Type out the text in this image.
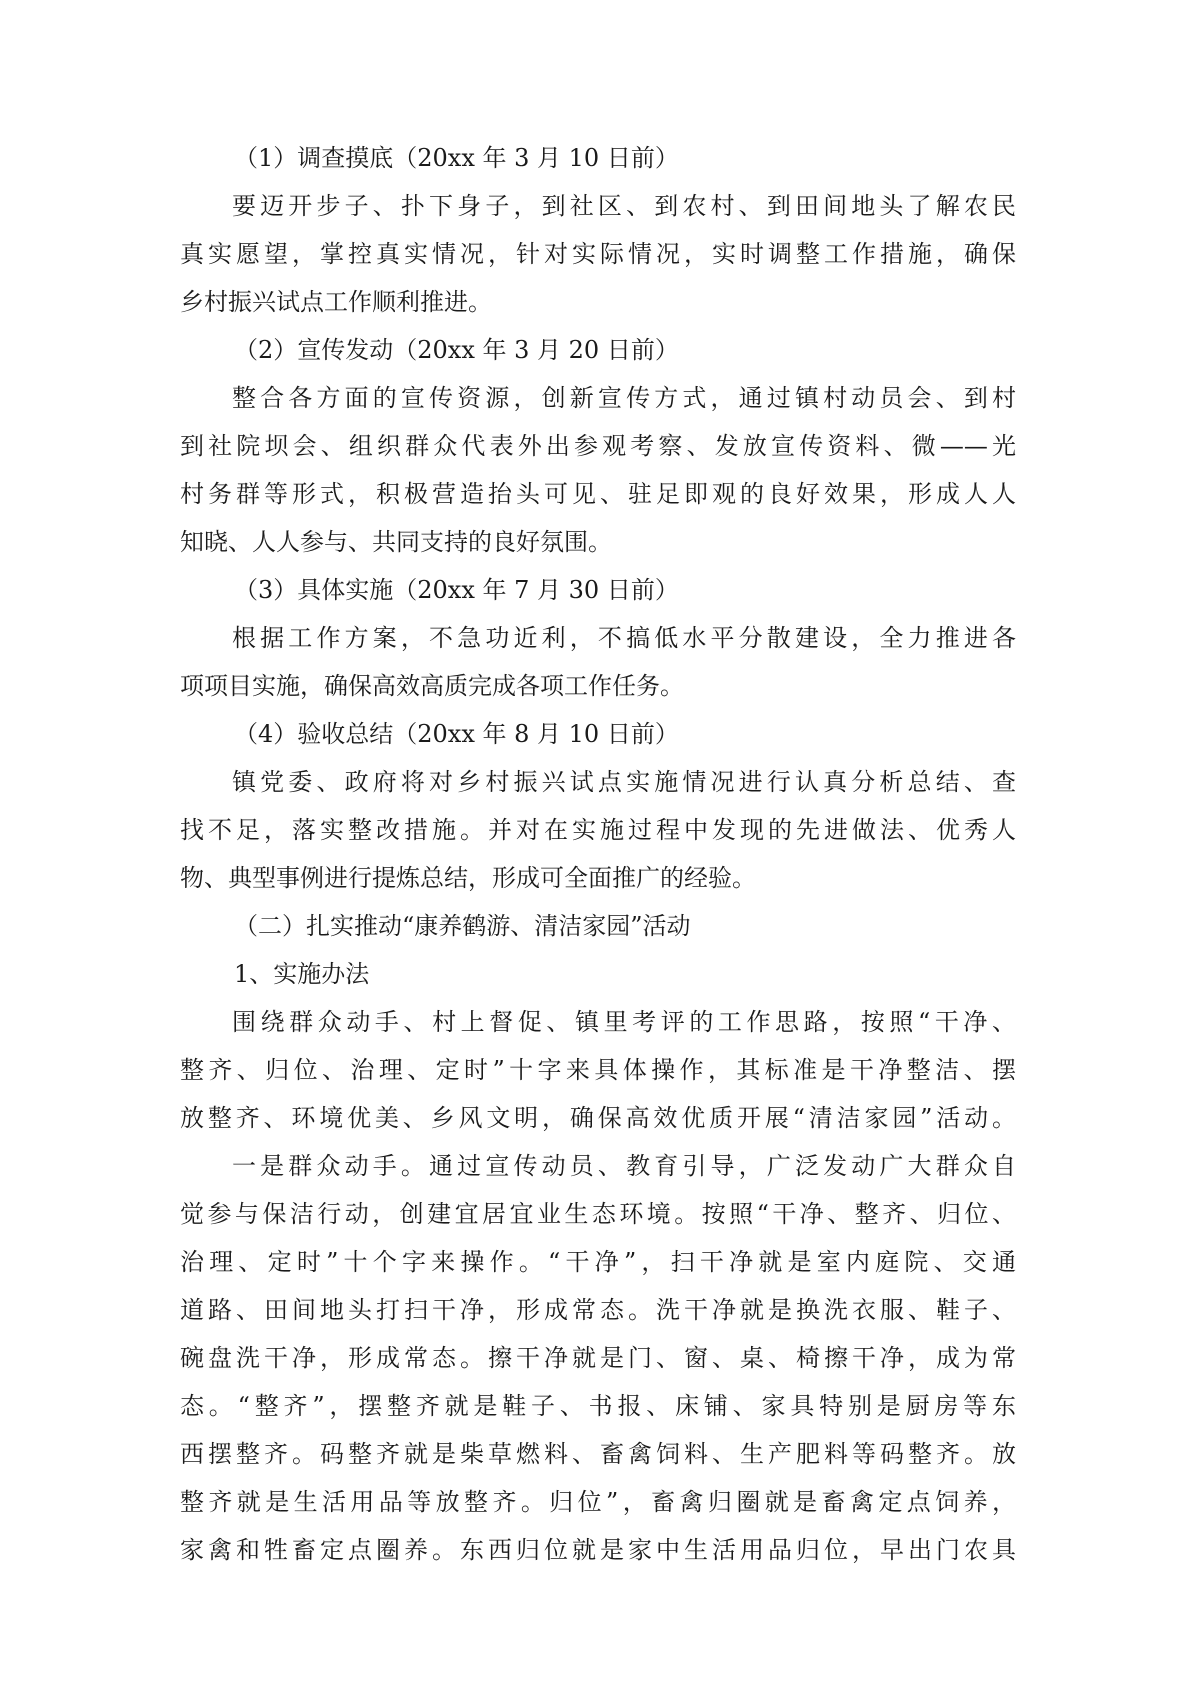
（1）调查摸底（20xx 年 3 月 10 日前）
要迈开步子、扑下身子，到社区、到农村、到田间地头了解农民
真实愿望，掌控真实情况，针对实际情况，实时调整工作措施，确保
乡村振兴试点工作顺利推进。
（2）宣传发动（20xx 年 3 月 20 日前）
整合各方面的宣传资源，创新宣传方式，通过镇村动员会、到村
到社院坝会、组织群众代表外出参观考察、发放宣传资料、微——光
村务群等形式，积极营造抬头可见、驻足即观的良好效果，形成人人
知晓、人人参与、共同支持的良好氛围。
（3）具体实施（20xx 年 7 月 30 日前）
根据工作方案，不急功近利，不搞低水平分散建设，全力推进各
项项目实施，确保高效高质完成各项工作任务。
（4）验收总结（20xx 年 8 月 10 日前）
镇党委、政府将对乡村振兴试点实施情况进行认真分析总结、查
找不足，落实整改措施。并对在实施过程中发现的先进做法、优秀人
物、典型事例进行提炼总结，形成可全面推广的经验。
（二）扎实推动“康养鹤游、清洁家园”活动
1、实施办法
围绕群众动手、村上督促、镇里考评的工作思路，按照“干净、
整齐、归位、治理、定时”十字来具体操作，其标准是干净整洁、摆
放整齐、环境优美、乡风文明，确保高效优质开展“清洁家园”活动。
一是群众动手。通过宣传动员、教育引导，广泛发动广大群众自
觉参与保洁行动，创建宜居宜业生态环境。按照“干净、整齐、归位、
治理、定时”十个字来操作。“干净”，扫干净就是室内庭院、交通
道路、田间地头打扫干净，形成常态。洗干净就是换洗衣服、鞋子、
碗盘洗干净，形成常态。擦干净就是门、窗、桌、椅擦干净，成为常
态。“整齐”，摆整齐就是鞋子、书报、床铺、家具特别是厨房等东
西摆整齐。码整齐就是柴草燃料、畜禽饲料、生产肥料等码整齐。放
整齐就是生活用品等放整齐。归位”，畜禽归圈就是畜禽定点饲养，
家禽和牲畜定点圈养。东西归位就是家中生活用品归位，早出门农具
